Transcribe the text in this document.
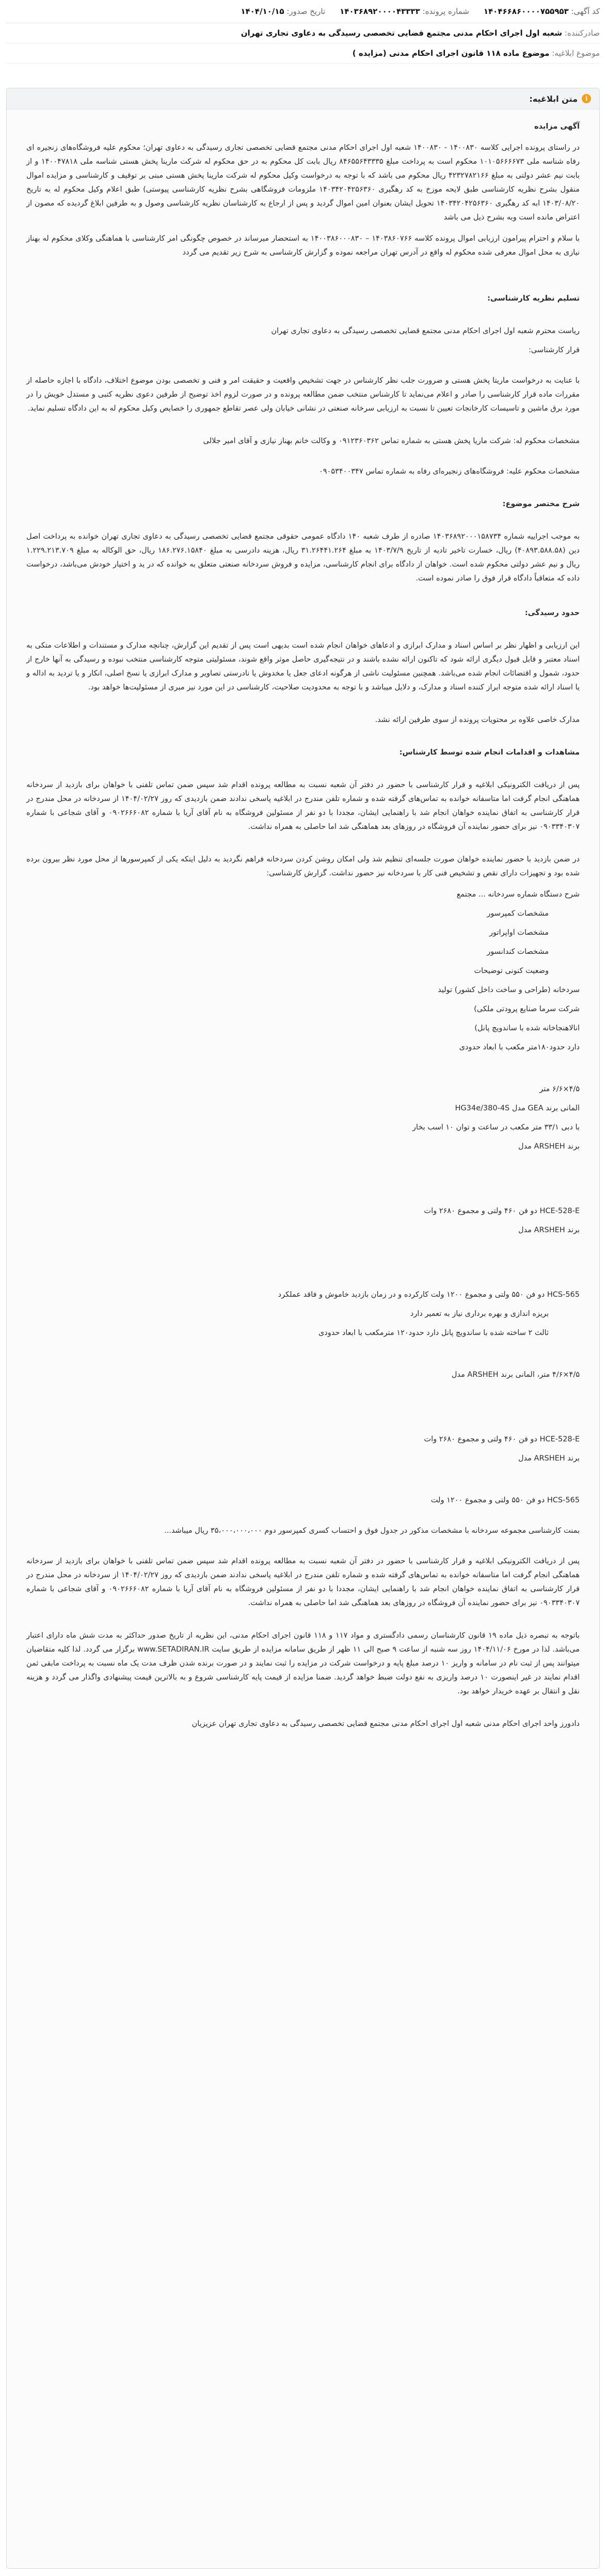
کد آگهی: ۱۴۰۴۶۶۸۶۰۰۰۰۷۵۵۹۵۳
شماره پرونده: ۱۴۰۳۶۸۹۲۰۰۰۰۴۳۳۳۳
تاریخ صدور: ۱۴۰۴/۱۰/۱۵
صادرکننده: شعبه اول اجرای احکام مدنی مجتمع قضایی تخصصی رسیدگی به دعاوی تجاری تهران
موضوع ابلاغیه: موضوع ماده ۱۱۸ قانون اجرای احکام مدنی (مزایده )
i
متن ابلاغیه:

آگهی مزایده

در راستای پرونده اجرایی کلاسه ۱۴۰۰۸۳۰ - ۱۴۰۰۸۳۰ شعبه اول اجرای احکام مدنی مجتمع قضایی تخصصی تجاری رسیدگی به دعاوی تهران؛ محکوم علیه فروشگاه‌های زنجیره ای رفاه شناسه ملی ۱۰۱۰۵۶۶۶۶۷۳ محکوم است به پرداخت مبلغ ۸۴۶۵۵۶۴۳۳۳۵ ریال بابت کل محکوم به در حق محکوم له شرکت مارینا پخش هستی شناسه ملی ۱۴۰۰۴۷۸۱۸ و از بابت نیم عشر دولتی به مبلغ ۴۲۳۲۷۸۲۱۶۶ ریال محکوم می باشد که با توجه به درخواست وکیل محکوم له شرکت مارینا پخش هستی مبنی بر توقیف و کارشناسی و مزایده اموال منقول بشرح نظریه کارشناسی طبق لایحه موزخ به کد رهگیری ۱۴۰۳۴۲۰۴۲۵۶۳۶۰ ملزومات فروشگاهی بشرح نظریه کارشناسی پیوستی) طبق اعلام وکیل محکوم له به تاریخ ۱۴۰۳/۰۸/۲۰ ابه کد رهگیری ۱۴۰۳۴۲۰۴۲۵۶۳۶۰ تحویل ایشان بعنوان امین اموال گردید و پس از ارجاع به کارشناسان نظریه کارشناسی وصول و به طرفین ابلاغ گردیده که مصون از اعتراض مانده است وبه بشرح ذیل می باشد

با سلام و احترام پیرامون ارزیابی اموال پرونده کلاسه ۱۴۰۳۸۶۰۷۶۶ – ۱۴۰۰۳۸۶۰۰۰۸۳۰ به استحضار میرساند در خصوص چگونگی امر کارشناسی با هماهنگی وکلای محکوم له بهناز نیازی به محل اموال معرفی شده محکوم له واقع در آدرس تهران مراجعه نموده و گزارش کارشناسی به شرح زیر تقدیم می گردد

تسلیم نظریه کارشناسی:

ریاست محترم شعبه اول اجرای احکام مدنی مجتمع قضایی تخصصی رسیدگی به دعاوی تجاری تهران

قرار کارشناسی:

با عنایت به درخواست ماریتا پخش هستی و ضرورت جلب نظر کارشناس در جهت تشخیص واقعیت و حقیقت امر و فنی و تخصصی بودن موضوع اختلاف، دادگاه با اجازه حاصله از مقررات ماده قرار کارشناسی را صادر و اعلام می‌نماید تا کارشناس منتخب ضمن مطالعه پرونده و در صورت لزوم اخذ توضیح از طرفین دعوی نظریه کتبی و مستدل خویش را در مورد برق ماشین و تاسیسات کارخانجات تعیین تا نسبت به ارزیابی سرخانه صنعتی در نشانی خیابان ولی عصر تقاطع جمهوری را خصایص وکیل محکوم له به این دادگاه تسلیم نماید.

مشخصات محکوم له: شرکت ماریا پخش هستی به شماره تماس ۰۹۱۲۳۶۰۳۶۲ و وکالت خانم بهناز نیازی و آقای امیر جلالی

مشخصات محکوم علیه: فروشگاه‌های زنجیره‌ای رفاه به شماره تماس ۰۹۰۵۳۴۰۰۳۴۷

شرح مختصر موضوع:

به موجب اجراییه شماره ۱۴۰۳۶۸۹۲۰۰۰۱۵۸۷۳۴ صادره از طرف شعبه ۱۴۰ دادگاه عمومی حقوقی مجتمع قضایی تخصصی رسیدگی به دعاوی تجاری تهران خوانده به پرداخت اصل دین (۴۰۸۹۳.۵۸۸.۵۸) ریال، خسارت تاخیر تادیه از تاریخ ۱۴۰۳/۷/۹ به مبلغ ۳۱.۲۶۴۴۱.۲۶۴ ریال، هزینه دادرسی به مبلغ ۱۸۶.۲۷۶.۱۵۸۴۰ ریال، حق الوکاله به مبلغ ۱.۲۲۹.۲۱۳.۷۰۹ ریال و نیم عشر دولتی محکوم شده است. خواهان از دادگاه برای انجام کارشناسی، مزایده و فروش سردخانه صنعتی متعلق به خوانده که در ید و اختیار خودش می‌باشد، درخواست داده که متعاقباً دادگاه قرار فوق را صادر نموده است.

حدود رسیدگی:

این ارزیابی و اظهار نظر بر اساس اسناد و مدارک ابرازی و ادعاهای خواهان انجام شده است بدیهی است پس از تقدیم این گزارش، چنانچه مدارک و مستندات و اطلاعات متکی به اسناد معتبر و قابل قبول دیگری ارائه شود که تاکنون ارائه نشده باشند و در نتیجه‌گیری حاصل موثر واقع شوند، مسئولیتی متوجه کارشناسی منتخب نبوده و رسیدگی به آنها خارج از حدود، شمول و اقتضائات انجام شده می‌باشد. همچنین مسئولیت ناشی از هرگونه ادعای جعل یا مخدوش یا نادرستی تصاویر و مدارک ابرازی یا نسخ اصلی، انکار و یا تردید به اداله و یا اسناد ارائه شده متوجه ابراز کننده اسناد و مدارک، و دلایل میباشد و با توجه به محدودیت صلاحیت، کارشناسی در این مورد نیز مبری از مسئولیت‌ها خواهد بود.

مدارک خاصی علاوه بر محتویات پرونده از سوی طرفین ارائه نشد.

مشاهدات و اقدامات انجام شده توسط کارشناس:

پس از دریافت الکترونیکی ابلاغیه و قرار کارشناسی با حضور در دفتر آن شعبه نسبت به مطالعه پرونده اقدام شد سپس ضمن تماس تلفنی با خواهان برای بازدید از سردخانه هماهنگی انجام گرفت اما متاسفانه خوانده به تماس‌های گرفته شده و شماره تلفن مندرج در ابلاغیه پاسخی ندادند ضمن بازدیدی که روز ۱۴۰۴/۰۲/۲۷ از سردخانه در محل مندرج در قرار کارشناسی به اتفاق نماینده خواهان انجام شد با راهنمایی ایشان، مجددا با دو نفر از مسئولین فروشگاه به نام آقای آریا با شماره ۰۹۰۲۶۶۶۰۸۲ و آقای شجاعی با شماره ۰۹۰۳۳۴۰۳۰۷ نیز برای حضور نماینده آن فروشگاه در روزهای بعد هماهنگی شد اما حاصلی به همراه نداشت.

در ضمن بازدید با حضور نماینده خواهان صورت جلسه‌ای تنظیم شد ولی امکان روشن کردن سردخانه فراهم نگردید به دلیل اینکه یکی از کمپرسورها از محل مورد نظر بیرون برده شده بود و تجهیزات دارای نقص و تشخیص فنی کار با سردخانه نیز حضور نداشت. گزارش کارشناسی:

شرح دستگاه شماره سردخانه ... مجتمع

مشخصات کمپرسور

مشخصات اواپراتور

مشخصات کندانسور

وضعیت کنونی توضیحات

سردخانه (طراحی و ساخت داخل کشور) تولید

شرکت سرما صنایع پرودتی ملکی)

انالاهنجاخانه شده با ساندویچ پانل)

دارد حدود۱۸۰متر مکعب با ابعاد حدودی

۴/۵×۶/۶ متر

المانی برند GEA مدل HG34e/380-4S

با دبی ۳۳/۱ متر مکعب در ساعت و توان ۱۰ اسب بخار

برند ARSHEH مدل

HCE-528-E دو فن ۴۶۰ ولتی و مجموع ۲۶۸۰ وات

برند ARSHEH مدل

HCS-565 دو فن ۵۵۰ ولتی و مجموع ۱۲۰۰ ولت کارکرده و در زمان بازدید خاموش و فاقد عملکرد

بریزه اندازی و بهره برداری نیاز به تعمیر دارد

ثالث ۲ ساخته شده با ساندویچ پانل دارد حدود۱۲۰ مترمکعب با ابعاد حدودی

۴/۵×۴/۶ متر، المانی برند ARSHEH مدل

HCE-528-E دو فن ۴۶۰ ولتی و مجموع ۲۶۸۰ وات

برند ARSHEH مدل

HCS-565 دو فن ۵۵۰ ولتی و مجموع ۱۲۰۰ ولت

بمنت کارشناسی مجموعه سردخانه با مشخصات مذکور در جدول فوق و احتساب کسری کمپرسور دوم ۳۵،۰۰۰،۰۰۰،۰۰۰ ریال میباشد...

پس از دریافت الکترونیکی ابلاغیه و قرار کارشناسی با حضور در دفتر آن شعبه نسبت به مطالعه پرونده اقدام شد سپس ضمن تماس تلفنی با خواهان برای بازدید از سردخانه هماهنگی انجام گرفت اما متاسفانه خوانده به تماس‌های گرفته شده و شماره تلفن مندرج در ابلاغیه پاسخی ندادند ضمن بازدیدی که روز ۱۴۰۴/۰۲/۲۷ از سردخانه در محل مندرج در قرار کارشناسی به اتفاق نماینده خواهان انجام شد با راهنمایی ایشان، مجددا با دو نفر از مسئولین فروشگاه به نام آقای آریا با شماره ۰۹۰۲۶۶۶۰۸۲ و آقای شجاعی با شماره ۰۹۰۳۳۴۰۳۰۷ نیز برای حضور نماینده آن فروشگاه در روزهای بعد هماهنگی شد اما حاصلی به همراه نداشت.

باتوجه به تبصره ذیل ماده ۱۹ قانون کارشناسان رسمی دادگستری و مواد ۱۱۷ و ۱۱۸ قانون اجرای احکام مدنی، این نظریه از تاریخ صدور حداکثر به مدت شش ماه دارای اعتبار می‌باشد. لذا در مورخ ۱۴۰۴/۱۱/۰۶ روز سه شنبه از ساعت ۹ صبح الی ۱۱ ظهر از طریق سامانه مزایده از طریق سایت www.SETADIRAN.IR برگزار می گردد. لذا کلیه متقاضیان میتوانند پس از ثبت نام در سامانه و واریز ۱۰ درصد مبلغ پایه و درخواست شرکت در مزایده را ثبت نمایند و در صورت برنده شدن ظرف مدت یک ماه نسبت به پرداخت مابقی ثمن اقدام نمایند در غیر اینصورت ۱۰ درصد واریزی به نفع دولت ضبط خواهد گردید. ضمنا مزایده از قیمت پایه کارشناسی شروع و به بالاترین قیمت پیشنهادی واگذار می گردد و هزینه نقل و انتقال بر عهده خریدار خواهد بود.

دادورز واحد اجرای احکام مدنی شعبه اول اجرای احکام مدنی مجتمع قضایی تخصصی رسیدگی به دعاوی تجاری تهران عزیزیان
